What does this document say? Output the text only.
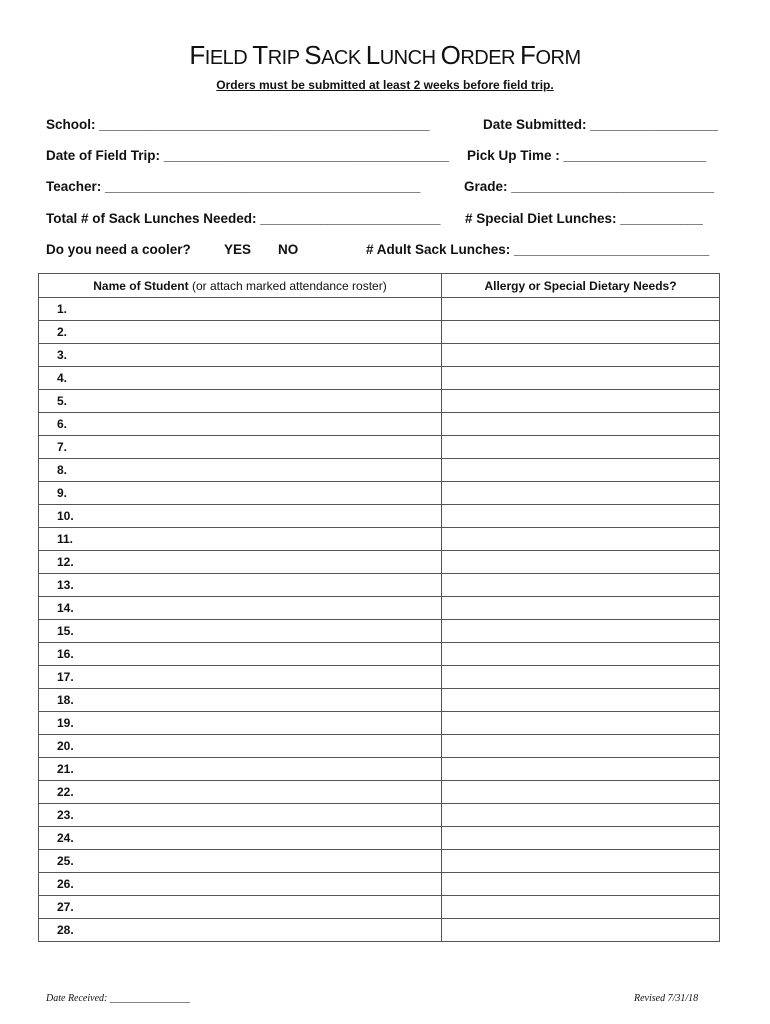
FIELD TRIP SACK LUNCH ORDER FORM
Orders must be submitted at least 2 weeks before field trip.
School: ____________________________________________	Date Submitted: _________________
Date of Field Trip: ______________________________________ Pick Up Time : ___________________
Teacher: __________________________________________	Grade: ___________________________
Total # of Sack Lunches Needed: ________________________ # Special Diet Lunches: ___________
Do you need a cooler? YES NO	# Adult Sack Lunches: __________________________
Name of Student (or attach marked attendance roster)	Allergy or Special Dietary Needs?
1.	
2.	
3.	
4.	
5.	
6.	
7.	
8.	
9.	
10.	
11.	
12.	
13.	
14.	
15.	
16.	
17.	
18.	
19.	
20.	
21.	
22.	
23.	
24.	
25.	
26.	
27.	
28.	
Date Received: ________________	Revised 7/31/18
